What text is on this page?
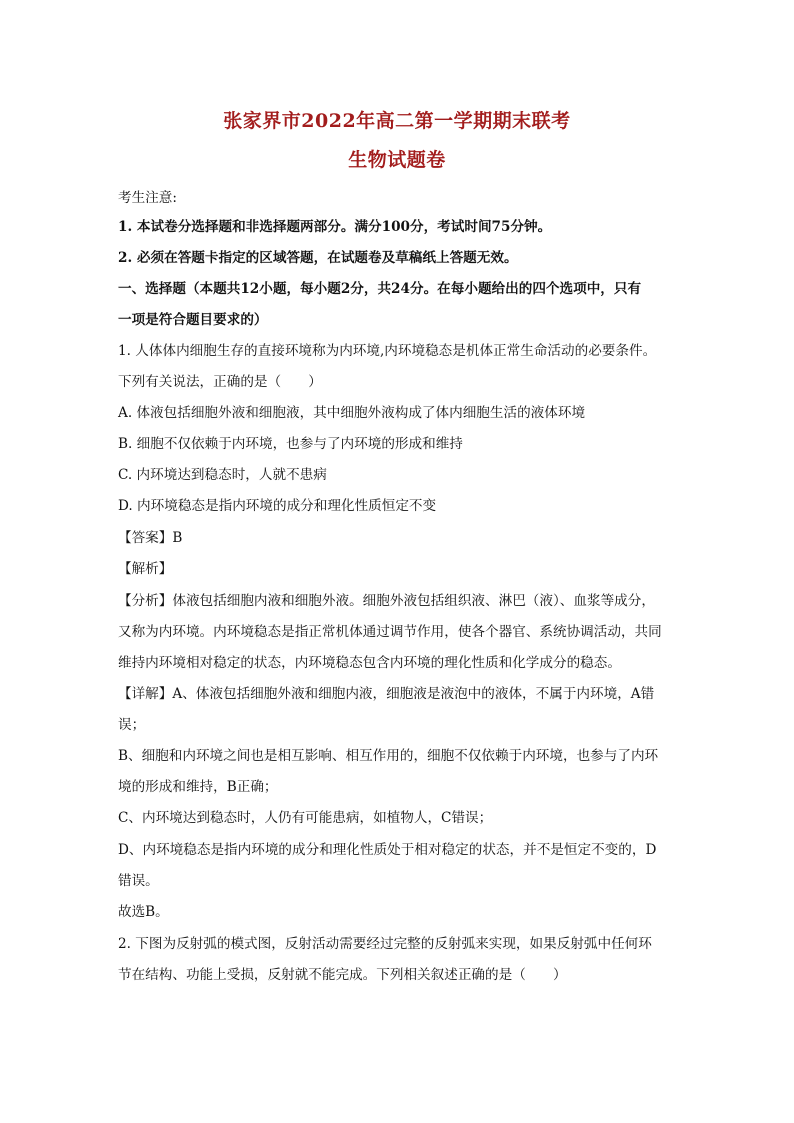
张家界市2022年高二第一学期期末联考
生物试题卷
考生注意:
1. 本试卷分选择题和非选择题两部分。满分100分，考试时间75分钟。
2. 必须在答题卡指定的区域答题，在试题卷及草稿纸上答题无效。
一、选择题（本题共12小题，每小题2分，共24分。在每小题给出的四个选项中，只有
一项是符合题目要求的）
1. 人体体内细胞生存的直接环境称为内环境,内环境稳态是机体正常生命活动的必要条件。
下列有关说法，正确的是（　　）
A. 体液包括细胞外液和细胞液，其中细胞外液构成了体内细胞生活的液体环境
B. 细胞不仅依赖于内环境，也参与了内环境的形成和维持
C. 内环境达到稳态时，人就不患病
D. 内环境稳态是指内环境的成分和理化性质恒定不变
【答案】B
【解析】
【分析】体液包括细胞内液和细胞外液。细胞外液包括组织液、淋巴（液）、血浆等成分，
又称为内环境。内环境稳态是指正常机体通过调节作用，使各个器官、系统协调活动，共同
维持内环境相对稳定的状态，内环境稳态包含内环境的理化性质和化学成分的稳态。
【详解】A、体液包括细胞外液和细胞内液，细胞液是液泡中的液体，不属于内环境，A错
误；
B、细胞和内环境之间也是相互影响、相互作用的，细胞不仅依赖于内环境，也参与了内环
境的形成和维持，B正确；
C、内环境达到稳态时，人仍有可能患病，如植物人，C错误；
D、内环境稳态是指内环境的成分和理化性质处于相对稳定的状态，并不是恒定不变的，D
错误。
故选B。
2. 下图为反射弧的模式图，反射活动需要经过完整的反射弧来实现，如果反射弧中任何环
节在结构、功能上受损，反射就不能完成。下列相关叙述正确的是（　　）
